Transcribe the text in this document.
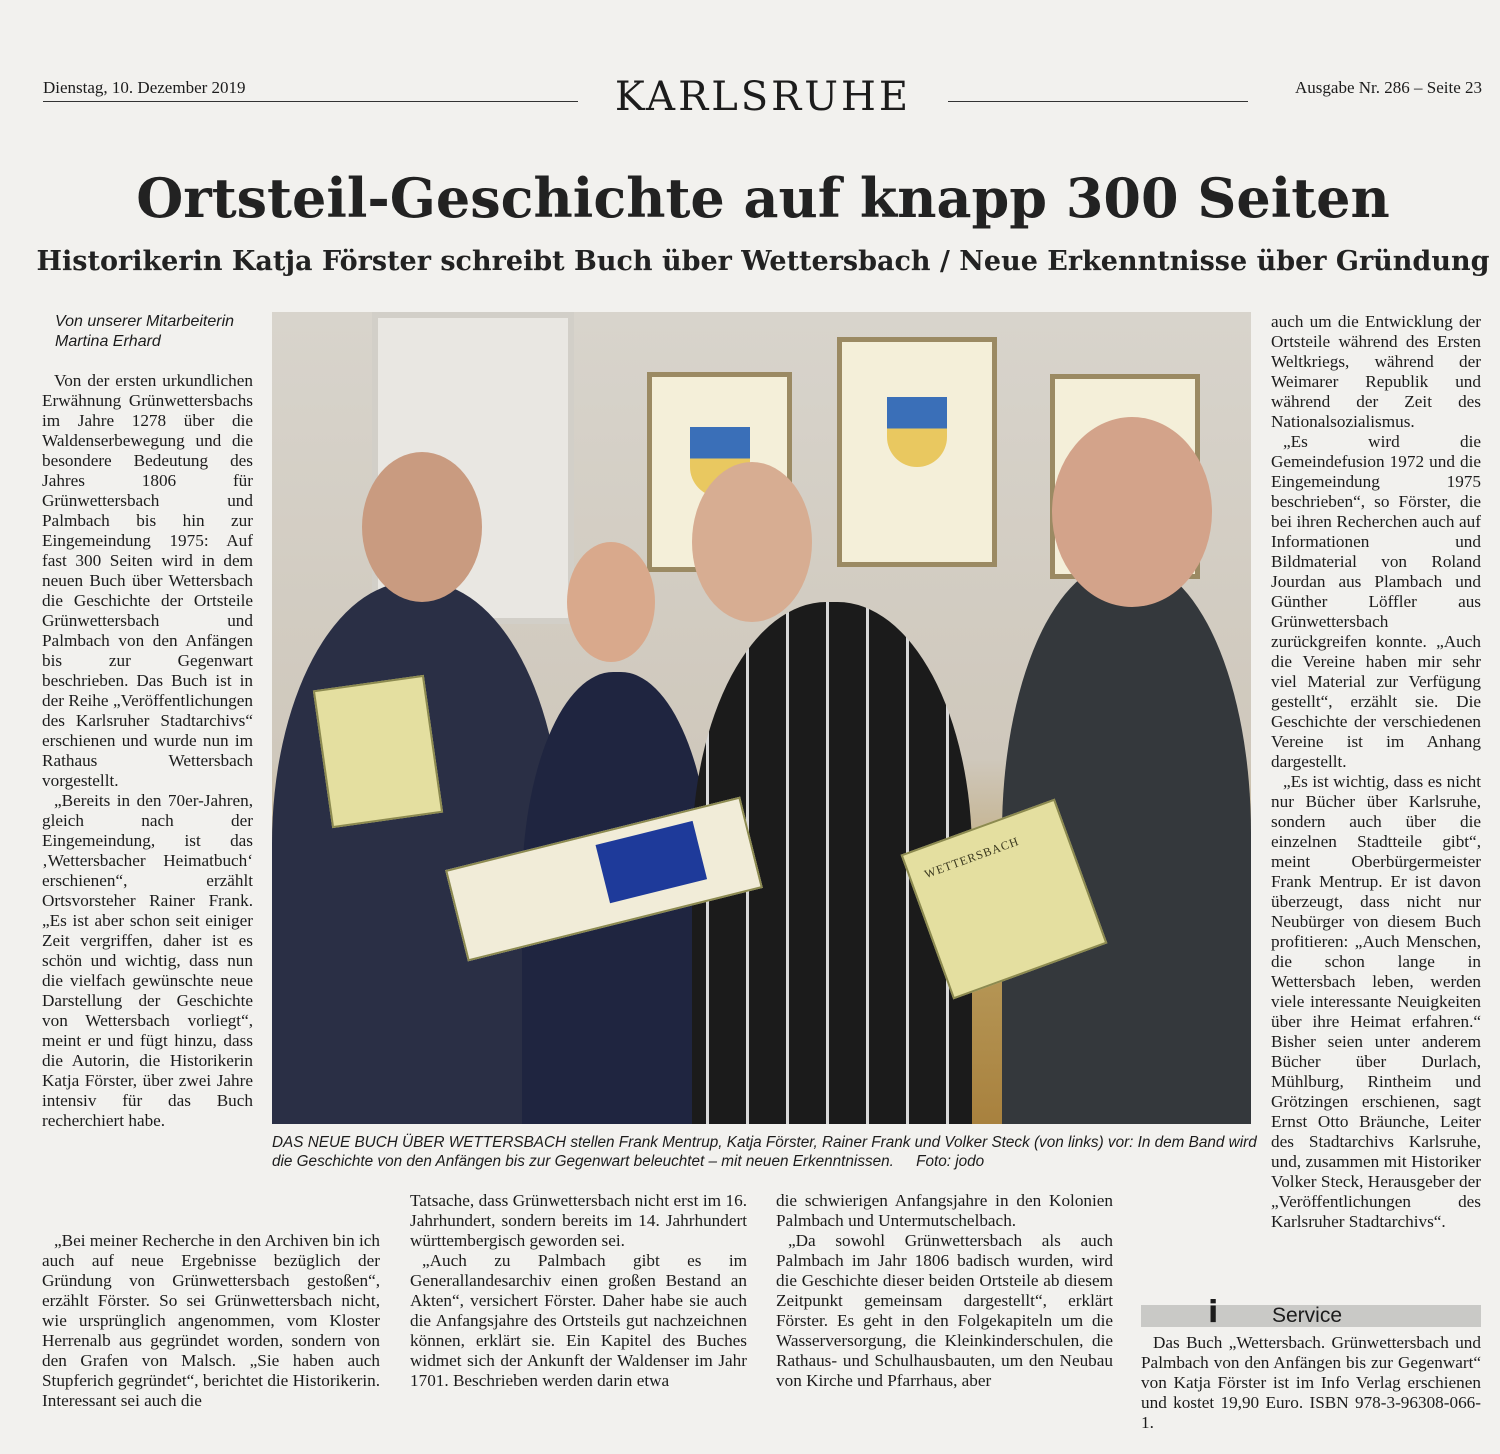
Dienstag, 10. Dezember 2019	KARLSRUHE	Ausgabe Nr. 286 – Seite 23
Ortsteil-Geschichte auf knapp 300 Seiten
Historikerin Katja Förster schreibt Buch über Wettersbach / Neue Erkenntnisse über Gründung
Von unserer Mitarbeiterin
Martina Erhard

Von der ersten urkundlichen Erwähnung Grünwettersbachs im Jahre 1278 über die Waldenserbewegung und die besondere Bedeutung des Jahres 1806 für Grünwettersbach und Palmbach bis hin zur Eingemeindung 1975: Auf fast 300 Seiten wird in dem neuen Buch über Wettersbach die Geschichte der Ortsteile Grünwettersbach und Palmbach von den Anfängen bis zur Gegenwart beschrieben. Das Buch ist in der Reihe „Veröffentlichungen des Karlsruher Stadtarchivs“ erschienen und wurde nun im Rathaus Wettersbach vorgestellt.

„Bereits in den 70er-Jahren, gleich nach der Eingemeindung, ist das ‚Wettersbacher Heimatbuch‘ erschienen“, erzählt Ortsvorsteher Rainer Frank. „Es ist aber schon seit einiger Zeit vergriffen, daher ist es schön und wichtig, dass nun die vielfach gewünschte neue Darstellung der Geschichte von Wettersbach vorliegt“, meint er und fügt hinzu, dass die Autorin, die Historikerin Katja Förster, über zwei Jahre intensiv für das Buch recherchiert habe.

„Bei meiner Recherche in den Archiven bin ich auch auf neue Ergebnisse bezüglich der Gründung von Grünwettersbach gestoßen“, erzählt Förster. So sei Grünwettersbach nicht, wie ursprünglich angenommen, vom Kloster Herrenalb aus gegründet worden, sondern von den Grafen von Malsch. „Sie haben auch Stupferich gegründet“, berichtet die Historikerin. Interessant sei auch die

WETTERSBACH
DAS NEUE BUCH ÜBER WETTERSBACH stellen Frank Mentrup, Katja Förster, Rainer Frank und Volker Steck (von links) vor: In dem Band wird die Geschichte von den Anfängen bis zur Gegenwart beleuchtet – mit neuen Erkenntnissen. Foto: jodo

Tatsache, dass Grünwettersbach nicht erst im 16. Jahrhundert, sondern bereits im 14. Jahrhundert württembergisch geworden sei.

„Auch zu Palmbach gibt es im Generallandesarchiv einen großen Bestand an Akten“, versichert Förster. Daher habe sie auch die Anfangsjahre des Ortsteils gut nachzeichnen können, erklärt sie. Ein Kapitel des Buches widmet sich der Ankunft der Waldenser im Jahr 1701. Beschrieben werden darin etwa

die schwierigen Anfangsjahre in den Kolonien Palmbach und Untermutschelbach.

„Da sowohl Grünwettersbach als auch Palmbach im Jahr 1806 badisch wurden, wird die Geschichte dieser beiden Ortsteile ab diesem Zeitpunkt gemeinsam dargestellt“, erklärt Förster. Es geht in den Folgekapiteln um die Wasserversorgung, die Kleinkinderschulen, die Rathaus- und Schulhausbauten, um den Neubau von Kirche und Pfarrhaus, aber

auch um die Entwicklung der Ortsteile während des Ersten Weltkriegs, während der Weimarer Republik und während der Zeit des Nationalsozialismus.

„Es wird die Gemeindefusion 1972 und die Eingemeindung 1975 beschrieben“, so Förster, die bei ihren Recherchen auch auf Informationen und Bildmaterial von Roland Jourdan aus Plambach und Günther Löffler aus Grünwettersbach zurückgreifen konnte. „Auch die Vereine haben mir sehr viel Material zur Verfügung gestellt“, erzählt sie. Die Geschichte der verschiedenen Vereine ist im Anhang dargestellt.

„Es ist wichtig, dass es nicht nur Bücher über Karlsruhe, sondern auch über die einzelnen Stadtteile gibt“, meint Oberbürgermeister Frank Mentrup. Er ist davon überzeugt, dass nicht nur Neubürger von diesem Buch profitieren: „Auch Menschen, die schon lange in Wettersbach leben, werden viele interessante Neuigkeiten über ihre Heimat erfahren.“ Bisher seien unter anderem Bücher über Durlach, Mühlburg, Rintheim und Grötzingen erschienen, sagt Ernst Otto Bräunche, Leiter des Stadtarchivs Karlsruhe, und, zusammen mit Historiker Volker Steck, Herausgeber der „Veröffentlichungen des Karlsruher Stadtarchivs“.

i	Service

Das Buch „Wettersbach. Grünwettersbach und Palmbach von den Anfängen bis zur Gegenwart“ von Katja Förster ist im Info Verlag erschienen und kostet 19,90 Euro. ISBN 978-3-96308-066-1.
